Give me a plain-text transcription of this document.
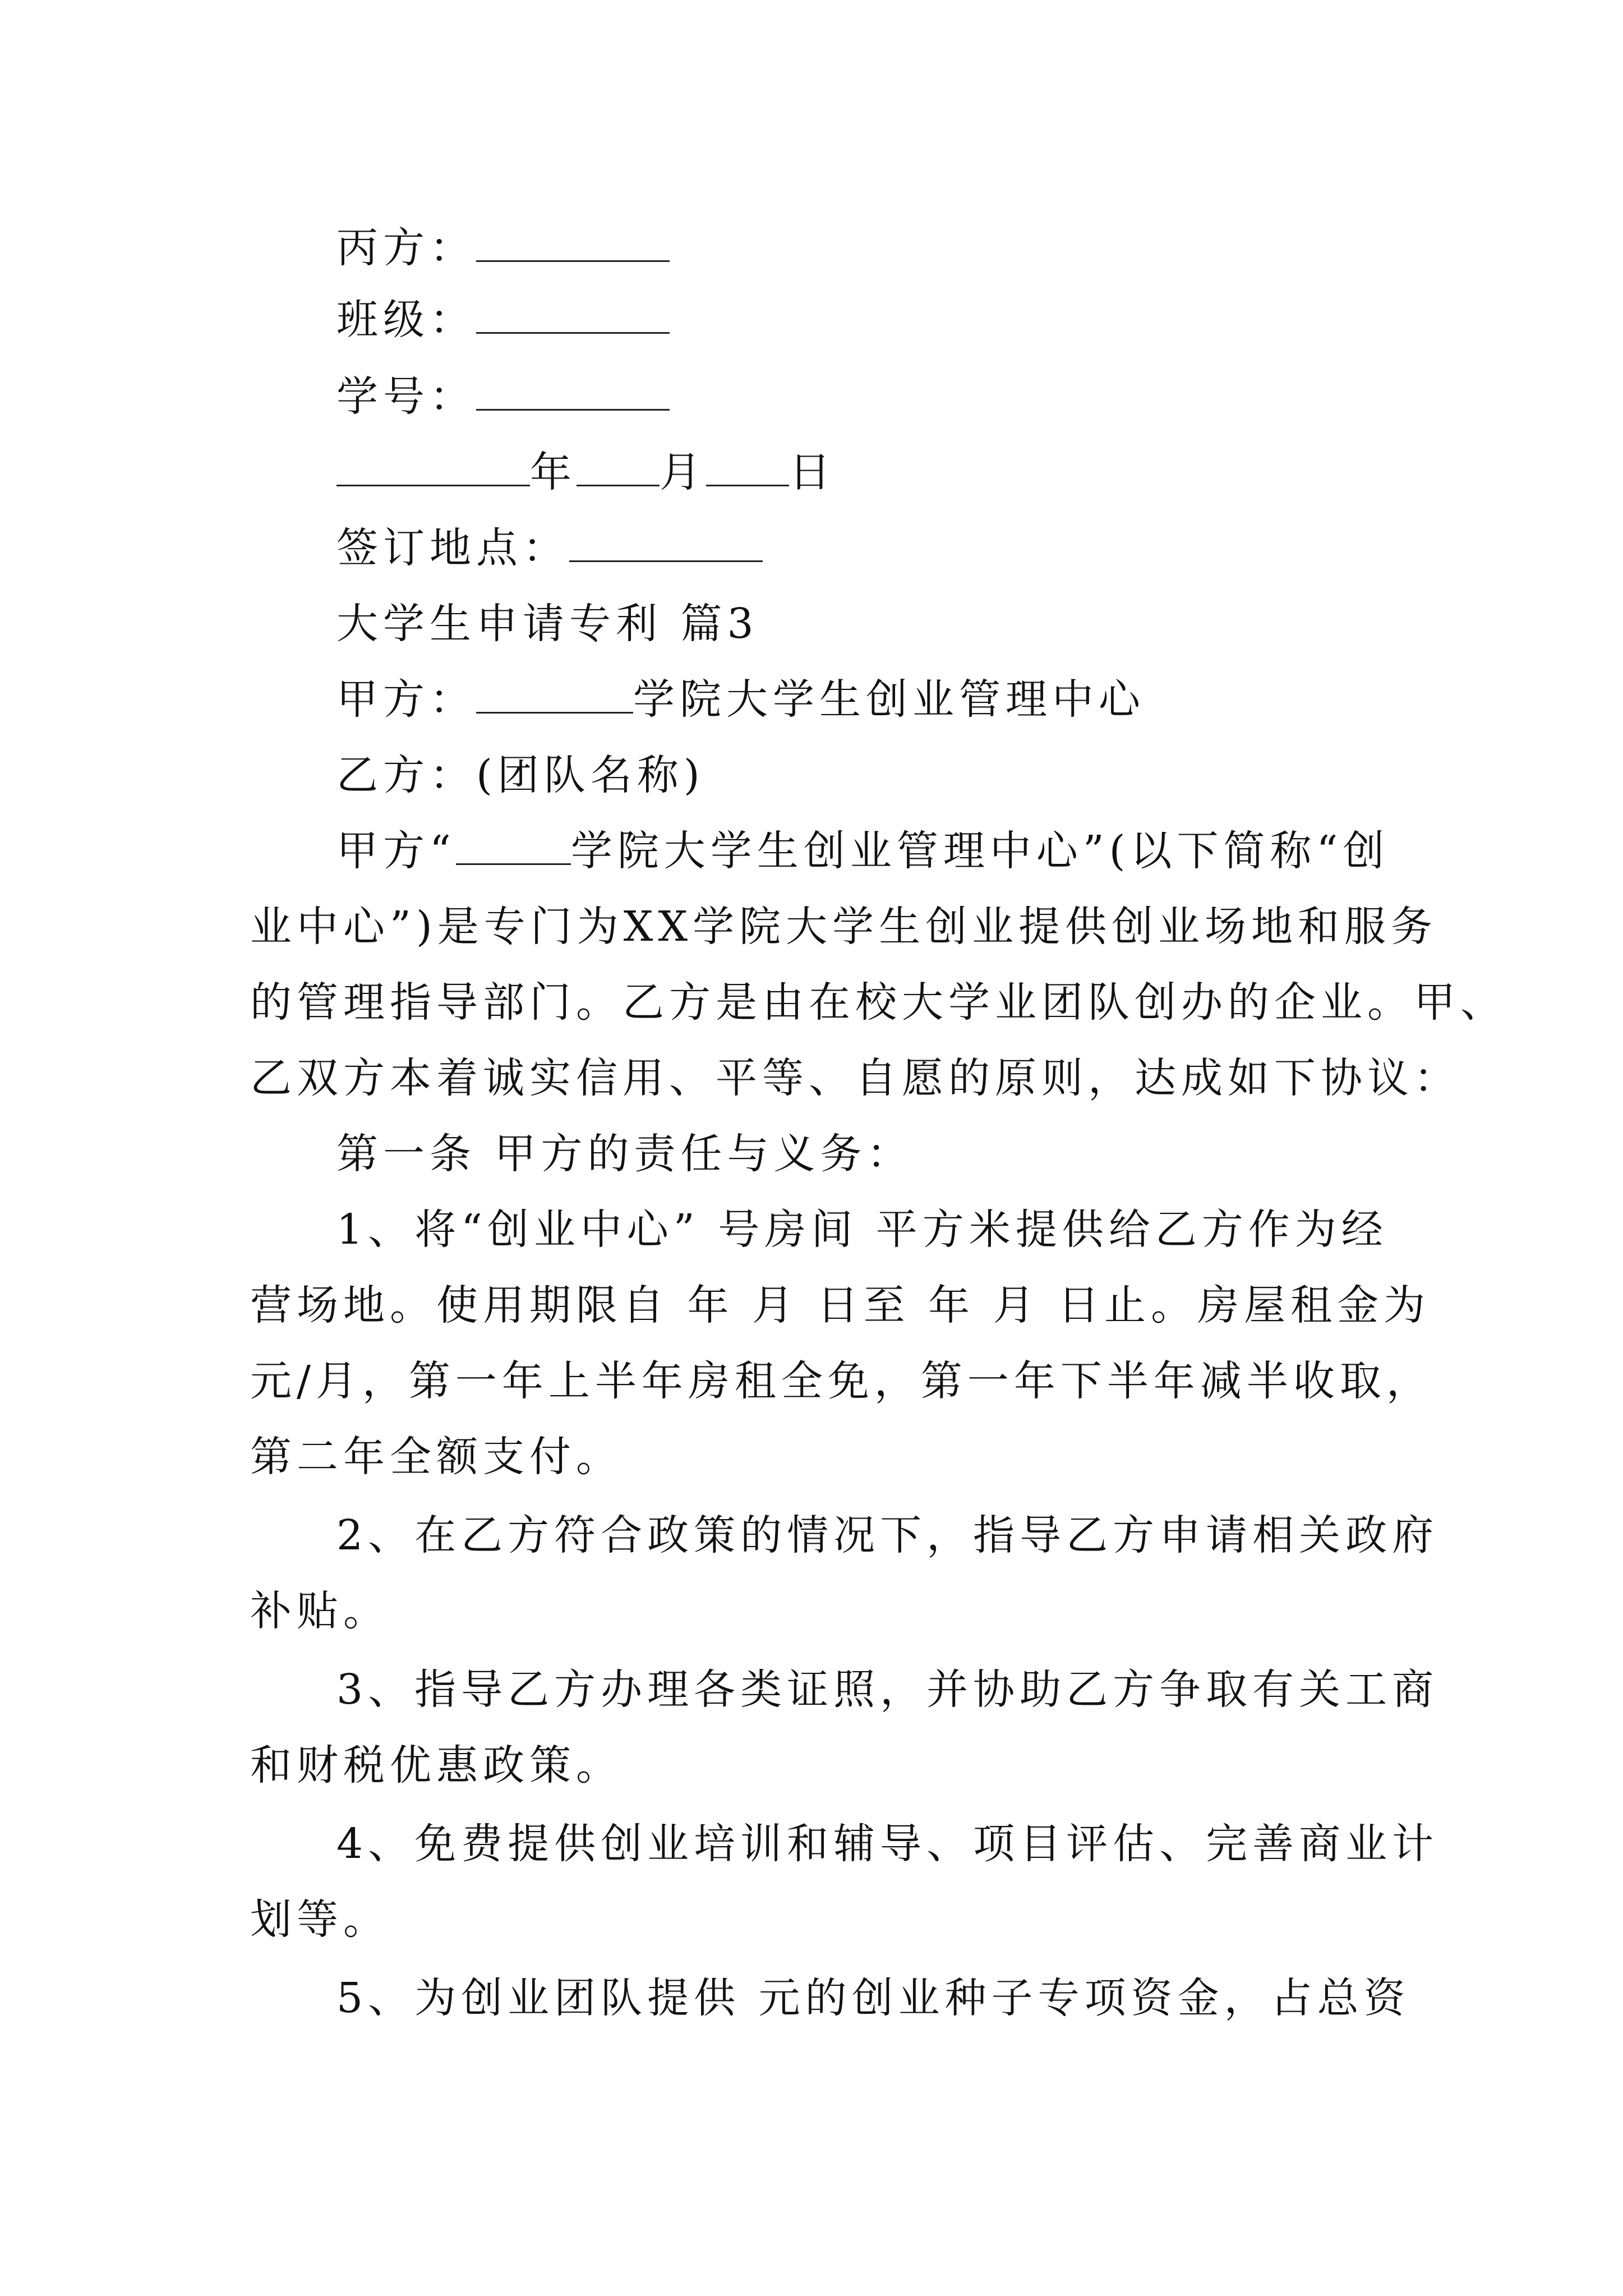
丙方：
班级：
学号：
年 月 日
签订地点：
大学生申请专利 篇3
甲方：	学院大学生创业管理中心
乙方：(团队名称)
甲方“	学院大学生创业管理中心”(以下简称“创
业中心”)是专门为XX学院大学生创业提供创业场地和服务
的管理指导部门。乙方是由在校大学业团队创办的企业。甲、
乙双方本着诚实信用、平等、自愿的原则，达成如下协议：
第一条 甲方的责任与义务：
1、将“创业中心” 号房间 平方米提供给乙方作为经
营场地。使用期限自 年 月 日至 年 月 日止。房屋租金为
元/月，第一年上半年房租全免，第一年下半年减半收取，
第二年全额支付。
2、在乙方符合政策的情况下，指导乙方申请相关政府
补贴。
3、指导乙方办理各类证照，并协助乙方争取有关工商
和财税优惠政策。
4、免费提供创业培训和辅导、项目评估、完善商业计
划等。
5、为创业团队提供 元的创业种子专项资金，占总资
